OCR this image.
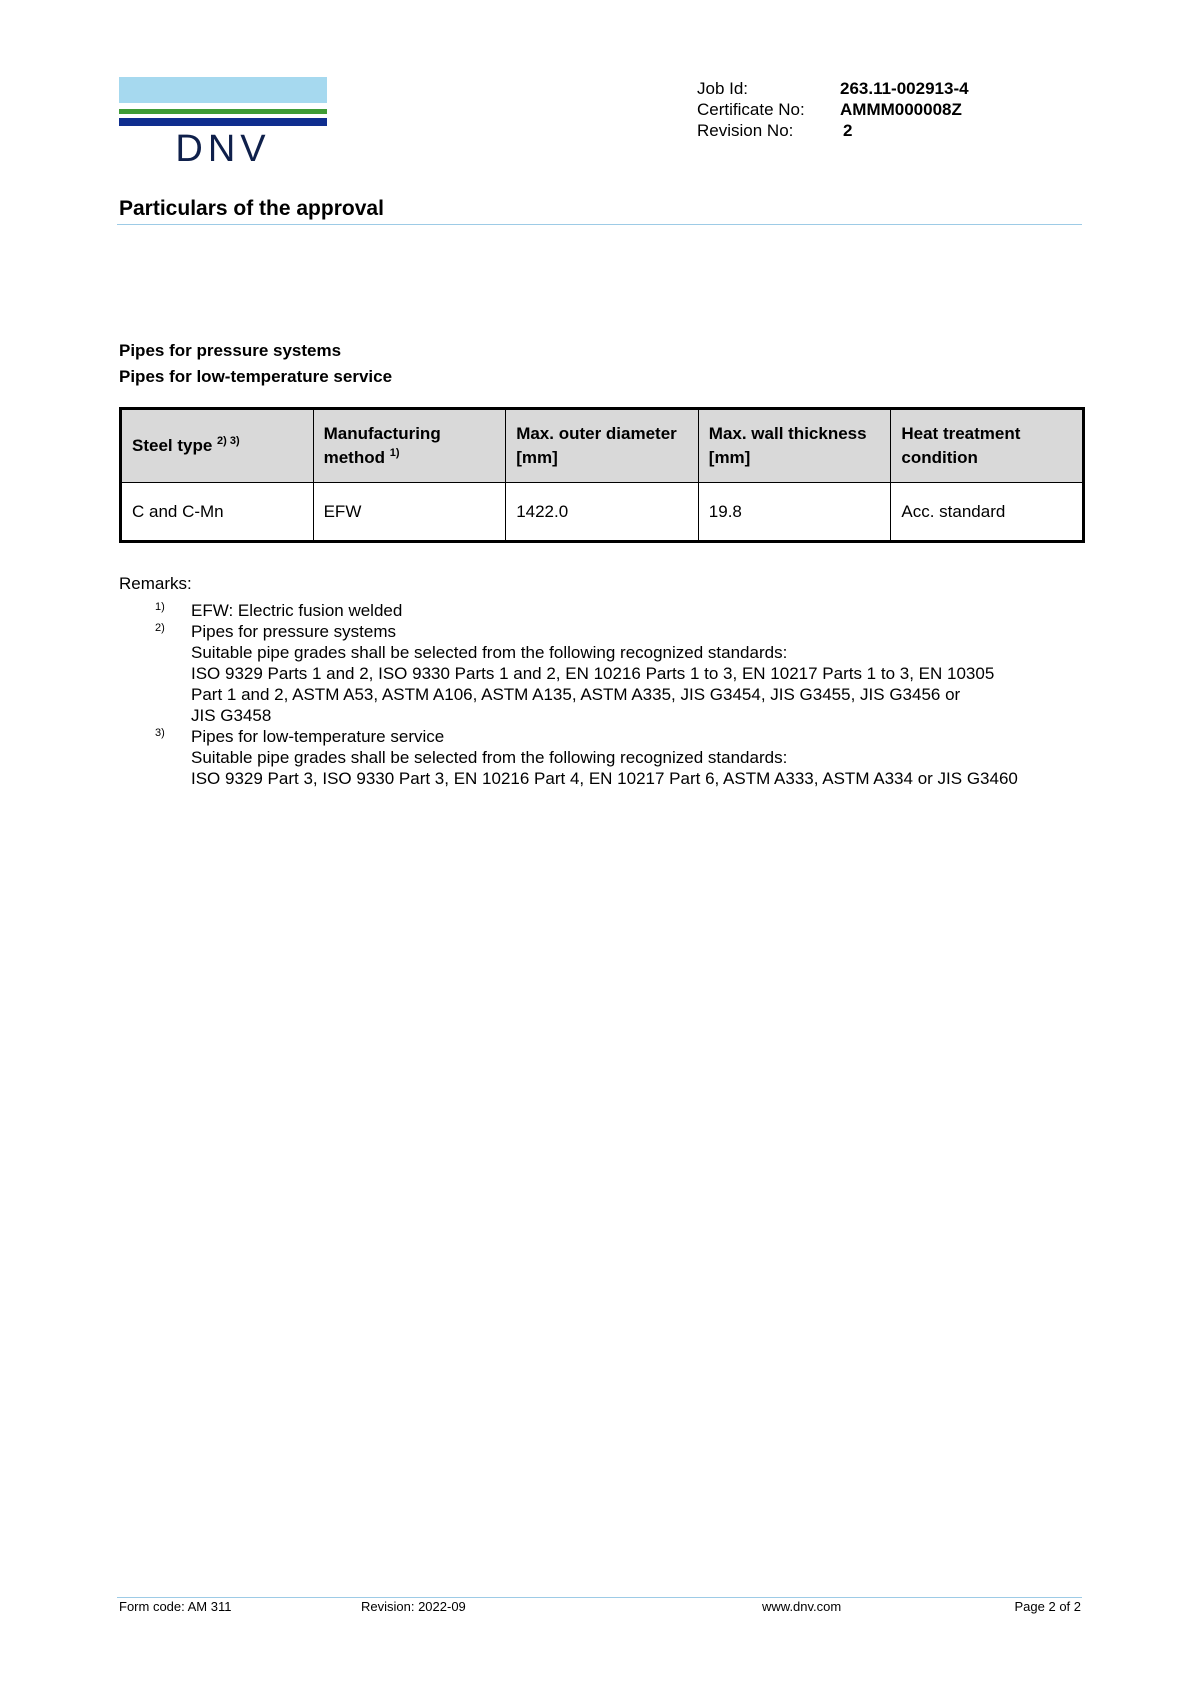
DNV
Job Id:	263.11-002913-4
Certificate No:	AMMM000008Z
Revision No:	2
Particulars of the approval
Pipes for pressure systems
Pipes for low-temperature service
Steel type $^{2) 3)}$	Manufacturing method $^{1)}$	Max. outer diameter [mm]	Max. wall thickness [mm]	Heat treatment condition
C and C-Mn	EFW	1422.0	19.8	Acc. standard
Remarks:
1)	EFW: Electric fusion welded
2)	Pipes for pressure systems
Suitable pipe grades shall be selected from the following recognized standards:
ISO 9329 Parts 1 and 2, ISO 9330 Parts 1 and 2, EN 10216 Parts 1 to 3, EN 10217 Parts 1 to 3, EN 10305
Part 1 and 2, ASTM A53, ASTM A106, ASTM A135, ASTM A335, JIS G3454, JIS G3455, JIS G3456 or
JIS G3458
3)	Pipes for low-temperature service
Suitable pipe grades shall be selected from the following recognized standards:
ISO 9329 Part 3, ISO 9330 Part 3, EN 10216 Part 4, EN 10217 Part 6, ASTM A333, ASTM A334 or JIS G3460
Form code: AM 311	Revision: 2022-09	www.dnv.com	Page 2 of 2
